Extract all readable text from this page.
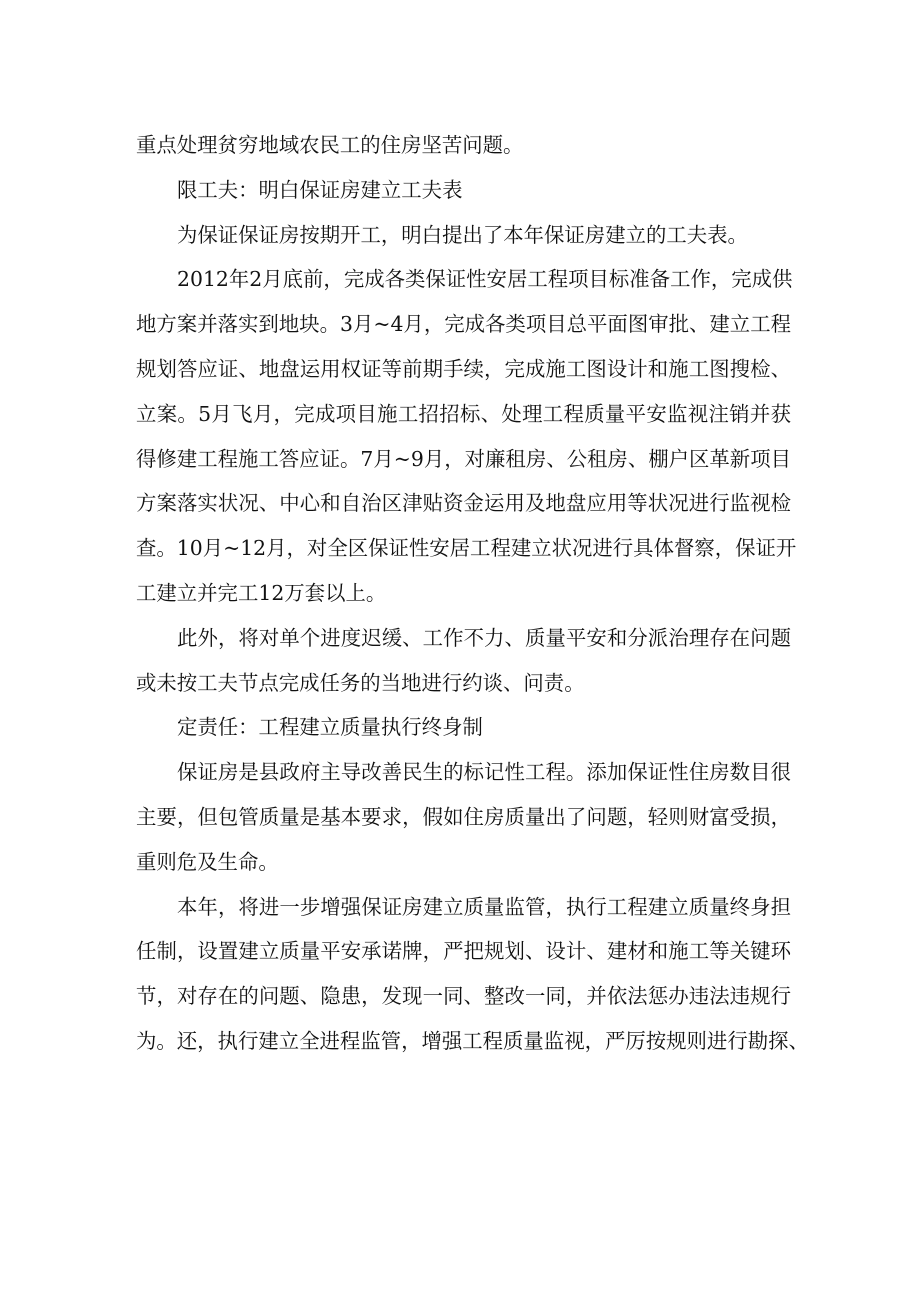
重点处理贫穷地域农民工的住房坚苦问题。
限工夫：明白保证房建立工夫表
为保证保证房按期开工，明白提出了本年保证房建立的工夫表。
2012年2月底前，完成各类保证性安居工程项目标准备工作，完成供
地方案并落实到地块。3月~4月，完成各类项目总平面图审批、建立工程
规划答应证、地盘运用权证等前期手续，完成施工图设计和施工图搜检、
立案。5月飞月，完成项目施工招招标、处理工程质量平安监视注销并获
得修建工程施工答应证。7月~9月，对廉租房、公租房、棚户区革新项目
方案落实状况、中心和自治区津贴资金运用及地盘应用等状况进行监视检
查。10月~12月，对全区保证性安居工程建立状况进行具体督察，保证开
工建立并完工12万套以上。
此外，将对单个进度迟缓、工作不力、质量平安和分派治理存在问题
或未按工夫节点完成任务的当地进行约谈、问责。
定责任：工程建立质量执行终身制
保证房是县政府主导改善民生的标记性工程。添加保证性住房数目很
主要，但包管质量是基本要求，假如住房质量出了问题，轻则财富受损，
重则危及生命。
本年，将进一步增强保证房建立质量监管，执行工程建立质量终身担
任制，设置建立质量平安承诺牌，严把规划、设计、建材和施工等关键环
节，对存在的问题、隐患，发现一同、整改一同，并依法惩办违法违规行
为。还，执行建立全进程监管，增强工程质量监视，严厉按规则进行勘探、
